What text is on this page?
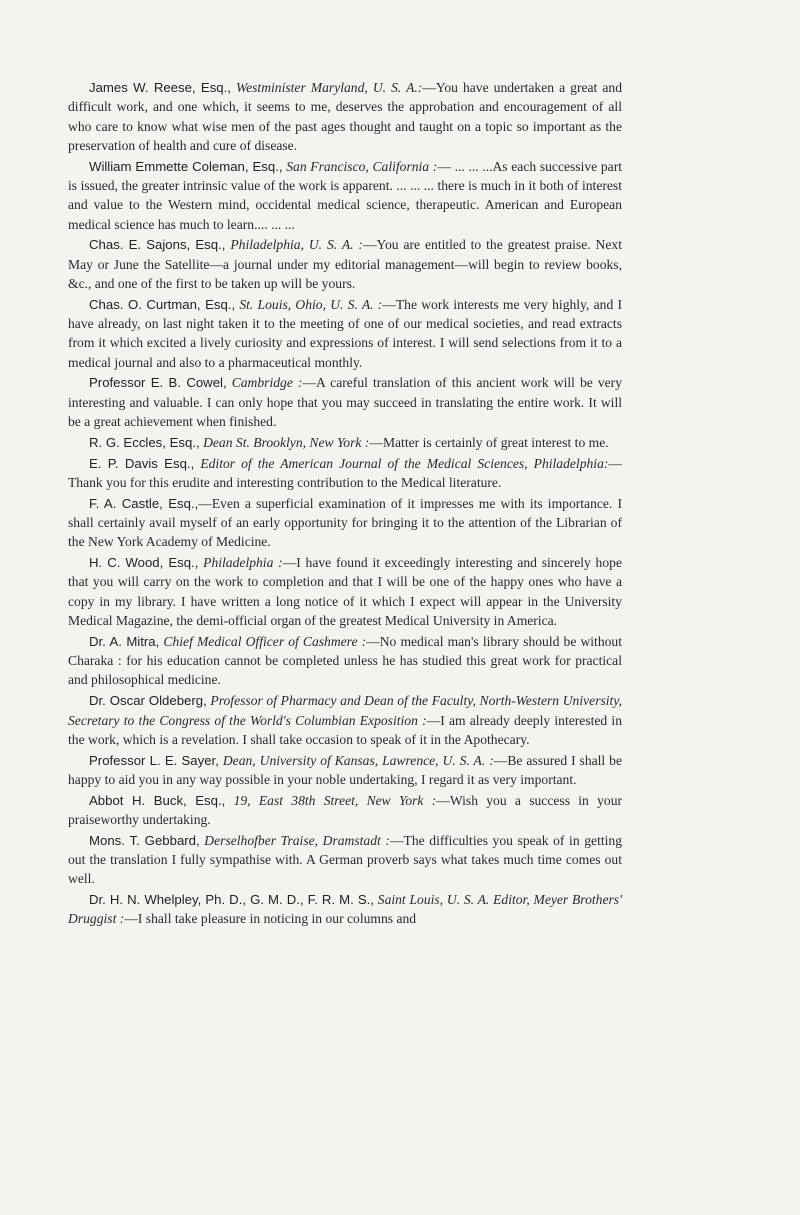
James W. Reese, Esq., Westminister Maryland, U. S. A.:—You have undertaken a great and difficult work, and one which, it seems to me, deserves the approbation and encouragement of all who care to know what wise men of the past ages thought and taught on a topic so important as the preservation of health and cure of disease.

William Emmette Coleman, Esq., San Francisco, California :— ... ... ...As each successive part is issued, the greater intrinsic value of the work is apparent. ... ... ... there is much in it both of interest and value to the Western mind, occidental medical science, therapeutic. American and European medical science has much to learn.... ... ...

Chas. E. Sajons, Esq., Philadelphia, U. S. A. :—You are entitled to the greatest praise. Next May or June the Satellite—a journal under my editorial management—will begin to review books, &c., and one of the first to be taken up will be yours.

Chas. O. Curtman, Esq., St. Louis, Ohio, U. S. A. :—The work interests me very highly, and I have already, on last night taken it to the meeting of one of our medical societies, and read extracts from it which excited a lively curiosity and expressions of interest. I will send selections from it to a medical journal and also to a pharmaceutical monthly.

Professor E. B. Cowel, Cambridge :—A careful translation of this ancient work will be very interesting and valuable. I can only hope that you may succeed in translating the entire work. It will be a great achievement when finished.

R. G. Eccles, Esq., Dean St. Brooklyn, New York :—Matter is certainly of great interest to me.

E. P. Davis Esq., Editor of the American Journal of the Medical Sciences, Philadelphia:—Thank you for this erudite and interesting contribution to the Medical literature.

F. A. Castle, Esq.,—Even a superficial examination of it impresses me with its importance. I shall certainly avail myself of an early opportunity for bringing it to the attention of the Librarian of the New York Academy of Medicine.

H. C. Wood, Esq., Philadelphia :—I have found it exceedingly interesting and sincerely hope that you will carry on the work to completion and that I will be one of the happy ones who have a copy in my library. I have written a long notice of it which I expect will appear in the University Medical Magazine, the demi-official organ of the greatest Medical University in America.

Dr. A. Mitra, Chief Medical Officer of Cashmere :—No medical man's library should be without Charaka : for his education cannot be completed unless he has studied this great work for practical and philosophical medicine.

Dr. Oscar Oldeberg, Professor of Pharmacy and Dean of the Faculty, North-Western University, Secretary to the Congress of the World's Columbian Exposition :—I am already deeply interested in the work, which is a revelation. I shall take occasion to speak of it in the Apothecary.

Professor L. E. Sayer, Dean, University of Kansas, Lawrence, U. S. A. :—Be assured I shall be happy to aid you in any way possible in your noble undertaking, I regard it as very important.

Abbot H. Buck, Esq., 19, East 38th Street, New York :—Wish you a success in your praiseworthy undertaking.

Mons. T. Gebbard, Derselhofber Traise, Dramstadt :—The difficulties you speak of in getting out the translation I fully sympathise with. A German proverb says what takes much time comes out well.

Dr. H. N. Whelpley, Ph. D., G. M. D., F. R. M. S., Saint Louis, U. S. A. Editor, Meyer Brothers' Druggist :—I shall take pleasure in noticing in our columns and
